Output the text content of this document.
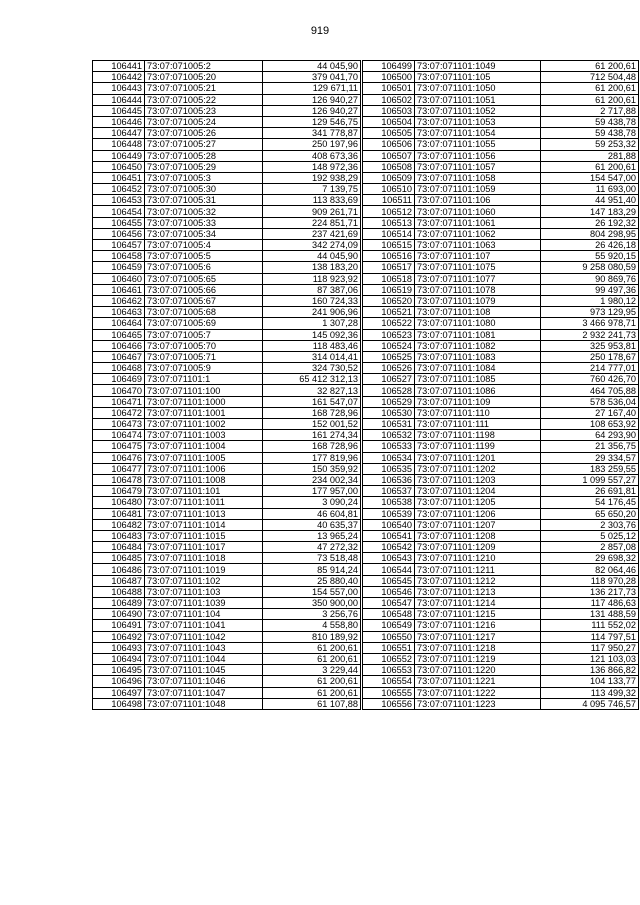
919
106441	73:07:071005:2	44 045,90
106442	73:07:071005:20	379 041,70
106443	73:07:071005:21	129 671,11
106444	73:07:071005:22	126 940,27
106445	73:07:071005:23	126 940,27
106446	73:07:071005:24	129 546,75
106447	73:07:071005:26	341 778,87
106448	73:07:071005:27	250 197,96
106449	73:07:071005:28	408 673,36
106450	73:07:071005:29	148 972,36
106451	73:07:071005:3	192 938,29
106452	73:07:071005:30	7 139,75
106453	73:07:071005:31	113 833,69
106454	73:07:071005:32	909 261,71
106455	73:07:071005:33	224 851,71
106456	73:07:071005:34	237 421,69
106457	73:07:071005:4	342 274,09
106458	73:07:071005:5	44 045,90
106459	73:07:071005:6	138 183,20
106460	73:07:071005:65	118 923,92
106461	73:07:071005:66	87 387,06
106462	73:07:071005:67	160 724,33
106463	73:07:071005:68	241 906,96
106464	73:07:071005:69	1 307,28
106465	73:07:071005:7	145 092,36
106466	73:07:071005:70	118 483,46
106467	73:07:071005:71	314 014,41
106468	73:07:071005:9	324 730,52
106469	73:07:071101:1	65 412 312,13
106470	73:07:071101:100	32 827,13
106471	73:07:071101:1000	161 547,07
106472	73:07:071101:1001	168 728,96
106473	73:07:071101:1002	152 001,52
106474	73:07:071101:1003	161 274,34
106475	73:07:071101:1004	168 728,96
106476	73:07:071101:1005	177 819,96
106477	73:07:071101:1006	150 359,92
106478	73:07:071101:1008	234 002,34
106479	73:07:071101:101	177 957,00
106480	73:07:071101:1011	3 090,24
106481	73:07:071101:1013	46 604,81
106482	73:07:071101:1014	40 635,37
106483	73:07:071101:1015	13 965,24
106484	73:07:071101:1017	47 272,32
106485	73:07:071101:1018	73 518,48
106486	73:07:071101:1019	85 914,24
106487	73:07:071101:102	25 880,40
106488	73:07:071101:103	154 557,00
106489	73:07:071101:1039	350 900,00
106490	73:07:071101:104	3 256,76
106491	73:07:071101:1041	4 558,80
106492	73:07:071101:1042	810 189,92
106493	73:07:071101:1043	61 200,61
106494	73:07:071101:1044	61 200,61
106495	73:07:071101:1045	3 229,44
106496	73:07:071101:1046	61 200,61
106497	73:07:071101:1047	61 200,61
106498	73:07:071101:1048	61 107,88
106499	73:07:071101:1049	61 200,61
106500	73:07:071101:105	712 504,48
106501	73:07:071101:1050	61 200,61
106502	73:07:071101:1051	61 200,61
106503	73:07:071101:1052	2 717,88
106504	73:07:071101:1053	59 438,78
106505	73:07:071101:1054	59 438,78
106506	73:07:071101:1055	59 253,32
106507	73:07:071101:1056	281,88
106508	73:07:071101:1057	61 200,61
106509	73:07:071101:1058	154 547,00
106510	73:07:071101:1059	11 693,00
106511	73:07:071101:106	44 951,40
106512	73:07:071101:1060	147 183,29
106513	73:07:071101:1061	26 192,32
106514	73:07:071101:1062	804 298,95
106515	73:07:071101:1063	26 426,18
106516	73:07:071101:107	55 920,15
106517	73:07:071101:1075	9 258 080,59
106518	73:07:071101:1077	90 869,76
106519	73:07:071101:1078	99 497,36
106520	73:07:071101:1079	1 980,12
106521	73:07:071101:108	973 129,95
106522	73:07:071101:1080	3 466 978,71
106523	73:07:071101:1081	2 932 241,73
106524	73:07:071101:1082	325 953,81
106525	73:07:071101:1083	250 178,67
106526	73:07:071101:1084	214 777,01
106527	73:07:071101:1085	760 426,70
106528	73:07:071101:1086	464 705,88
106529	73:07:071101:109	578 536,04
106530	73:07:071101:110	27 167,40
106531	73:07:071101:111	108 653,92
106532	73:07:071101:1198	64 293,90
106533	73:07:071101:1199	21 356,75
106534	73:07:071101:1201	29 334,57
106535	73:07:071101:1202	183 259,55
106536	73:07:071101:1203	1 099 557,27
106537	73:07:071101:1204	26 691,81
106538	73:07:071101:1205	54 176,45
106539	73:07:071101:1206	65 650,20
106540	73:07:071101:1207	2 303,76
106541	73:07:071101:1208	5 025,12
106542	73:07:071101:1209	2 857,08
106543	73:07:071101:1210	29 698,32
106544	73:07:071101:1211	82 064,46
106545	73:07:071101:1212	118 970,28
106546	73:07:071101:1213	136 217,73
106547	73:07:071101:1214	117 486,63
106548	73:07:071101:1215	131 488,59
106549	73:07:071101:1216	111 552,02
106550	73:07:071101:1217	114 797,51
106551	73:07:071101:1218	117 950,27
106552	73:07:071101:1219	121 103,03
106553	73:07:071101:1220	136 866,82
106554	73:07:071101:1221	104 133,77
106555	73:07:071101:1222	113 499,32
106556	73:07:071101:1223	4 095 746,57
